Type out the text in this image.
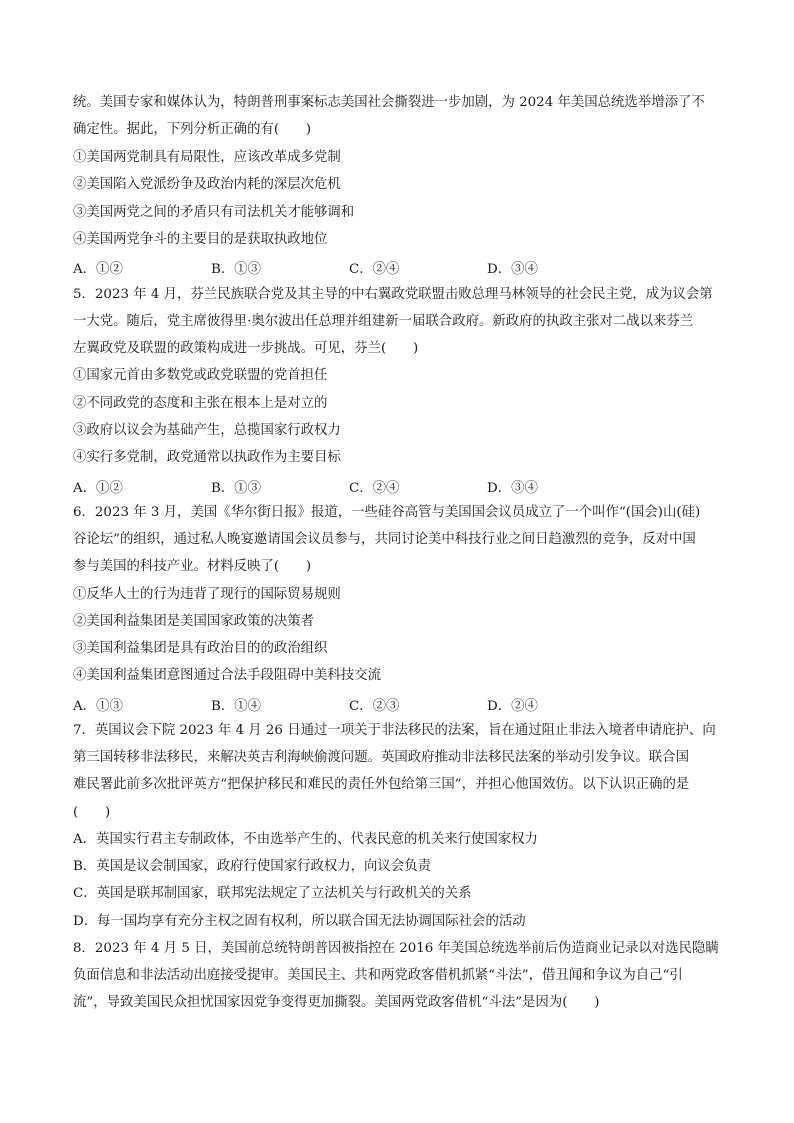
统。美国专家和媒体认为，特朗普刑事案标志美国社会撕裂进一步加剧，为 2024 年美国总统选举增添了不
确定性。据此，下列分析正确的有(　　)
①美国两党制具有局限性，应该改革成多党制
②美国陷入党派纷争及政治内耗的深层次危机
③美国两党之间的矛盾只有司法机关才能够调和
④美国两党争斗的主要目的是获取执政地位
A．①②	B．①③	C．②④	D．③④
5．2023 年 4 月，芬兰民族联合党及其主导的中右翼政党联盟击败总理马林领导的社会民主党，成为议会第
一大党。随后，党主席彼得里·奥尔波出任总理并组建新一届联合政府。新政府的执政主张对二战以来芬兰
左翼政党及联盟的政策构成进一步挑战。可见，芬兰(　　)
①国家元首由多数党或政党联盟的党首担任
②不同政党的态度和主张在根本上是对立的
③政府以议会为基础产生，总揽国家行政权力
④实行多党制，政党通常以执政作为主要目标
A．①②	B．①③	C．②④	D．③④
6．2023 年 3 月，美国《华尔街日报》报道，一些硅谷高管与美国国会议员成立了一个叫作“(国会)山(硅)
谷论坛”的组织，通过私人晚宴邀请国会议员参与，共同讨论美中科技行业之间日趋激烈的竞争，反对中国
参与美国的科技产业。材料反映了(　　)
①反华人士的行为违背了现行的国际贸易规则
②美国利益集团是美国国家政策的决策者
③美国利益集团是具有政治目的的政治组织
④美国利益集团意图通过合法手段阻碍中美科技交流
A．①③	B．①④	C．②③	D．②④
7．英国议会下院 2023 年 4 月 26 日通过一项关于非法移民的法案，旨在通过阻止非法入境者申请庇护、向
第三国转移非法移民，来解决英吉利海峡偷渡问题。英国政府推动非法移民法案的举动引发争议。联合国
难民署此前多次批评英方“把保护移民和难民的责任外包给第三国”，并担心他国效仿。以下认识正确的是
(　　)
A．英国实行君主专制政体，不由选举产生的、代表民意的机关来行使国家权力
B．英国是议会制国家，政府行使国家行政权力，向议会负责
C．英国是联邦制国家，联邦宪法规定了立法机关与行政机关的关系
D．每一国均享有充分主权之固有权利，所以联合国无法协调国际社会的活动
8．2023 年 4 月 5 日，美国前总统特朗普因被指控在 2016 年美国总统选举前后伪造商业记录以对选民隐瞒
负面信息和非法活动出庭接受提审。美国民主、共和两党政客借机抓紧“斗法”，借丑闻和争议为自己“引
流”，导致美国民众担忧国家因党争变得更加撕裂。美国两党政客借机“斗法”是因为(　　)
